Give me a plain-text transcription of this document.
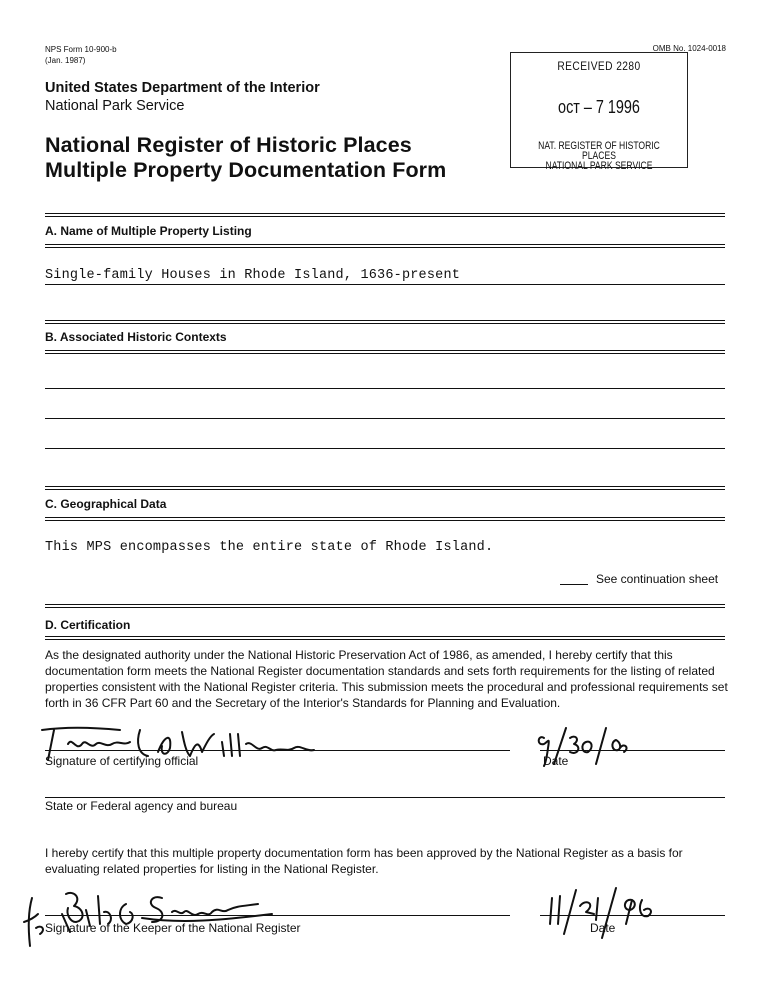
NPS Form 10-900-b
(Jan. 1987)
OMB No. 1024-0018
United States Department of the Interior
National Park Service
National Register of Historic Places
Multiple Property Documentation Form
RECEIVED 2280
ᴏᴄᴛ – 7 1996
NAT. REGISTER OF HISTORIC PLACES
NATIONAL PARK SERVICE
A. Name of Multiple Property Listing
Single-family Houses in Rhode Island, 1636-present
B. Associated Historic Contexts
C. Geographical Data
This MPS encompasses the entire state of Rhode Island.
See continuation sheet
D. Certification
As the designated authority under the National Historic Preservation Act of 1986, as amended, I hereby certify that this documentation form meets the National Register documentation standards and sets forth requirements for the listing of related properties consistent with the National Register criteria. This submission meets the procedural and professional requirements set forth in 36 CFR Part 60 and the Secretary of the Interior's Standards for Planning and Evaluation.
Signature of certifying official	Date
State or Federal agency and bureau
I hereby certify that this multiple property documentation form has been approved by the National Register as a basis for evaluating related properties for listing in the National Register.
Signature of the Keeper of the National Register	Date
